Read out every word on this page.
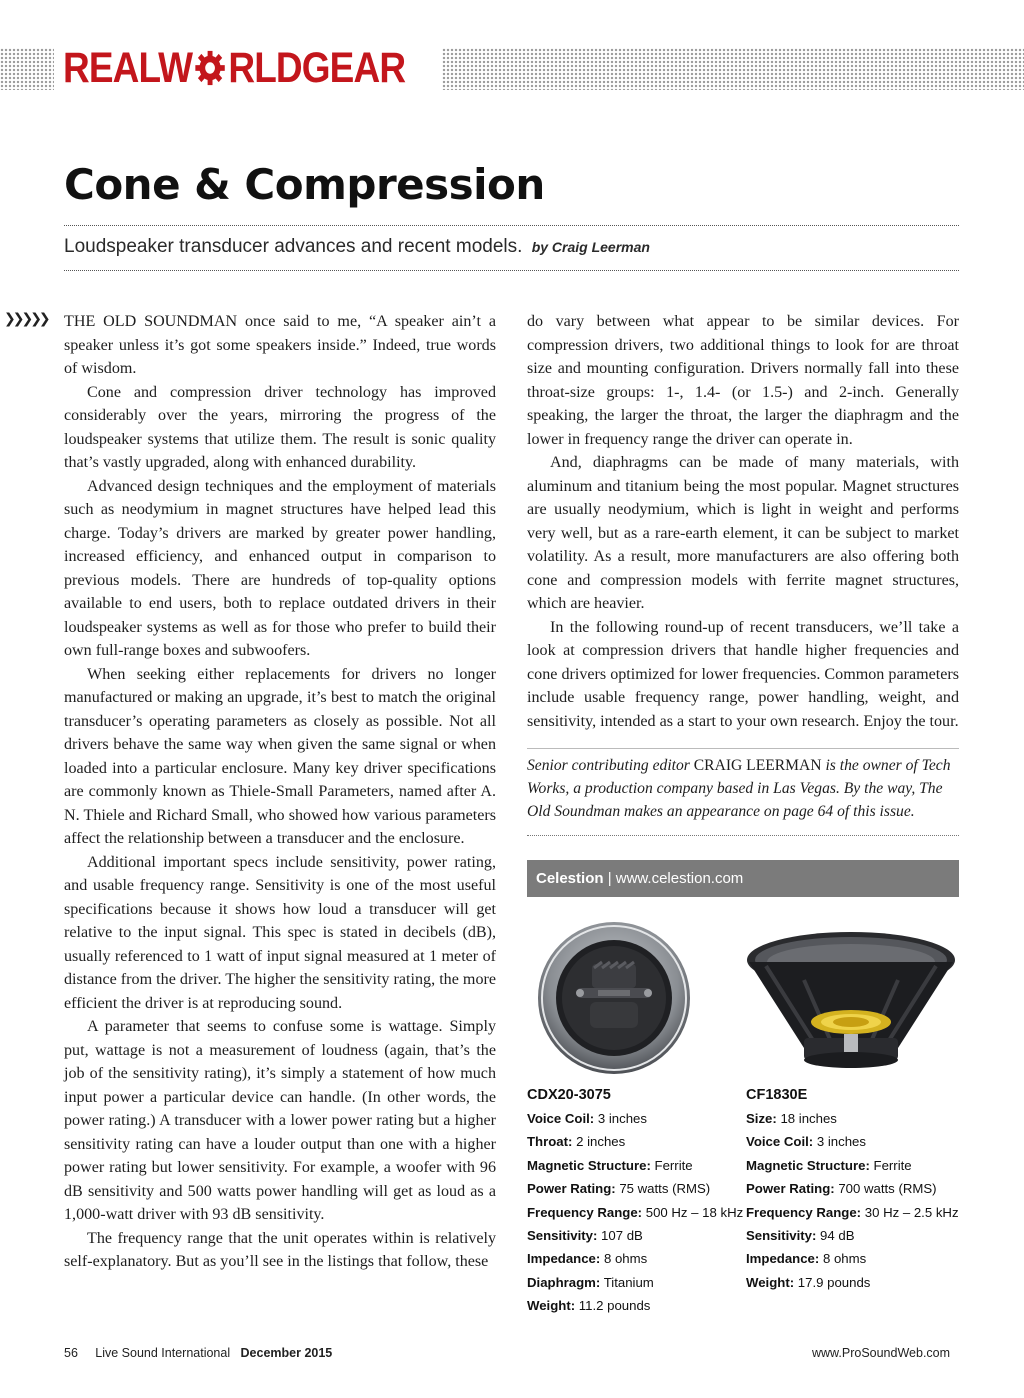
REALW RLDGEAR
Cone & Compression
Loudspeaker transducer advances and recent models. by Craig Leerman
❯❯❯❯❯ THE OLD SOUNDMAN once said to me, “A speaker ain’t a speaker unless it’s got some speakers inside.” Indeed, true words of wisdom.

Cone and compression driver technology has improved considerably over the years, mirroring the progress of the loudspeaker systems that utilize them. The result is sonic quality that’s vastly upgraded, along with enhanced durability.

Advanced design techniques and the employment of materials such as neodymium in magnet structures have helped lead this charge. Today’s drivers are marked by greater power handling, increased efficiency, and enhanced output in comparison to previous models. There are hundreds of top-quality options available to end users, both to replace outdated drivers in their loudspeaker systems as well as for those who prefer to build their own full-range boxes and subwoofers.

When seeking either replacements for drivers no longer manufactured or making an upgrade, it’s best to match the original transducer’s operating parameters as closely as possible. Not all drivers behave the same way when given the same signal or when loaded into a particular enclosure. Many key driver specifications are commonly known as Thiele-Small Parameters, named after A. N. Thiele and Richard Small, who showed how various parameters affect the relationship between a transducer and the enclosure.

Additional important specs include sensitivity, power rating, and usable frequency range. Sensitivity is one of the most useful specifications because it shows how loud a transducer will get relative to the input signal. This spec is stated in decibels (dB), usually referenced to 1 watt of input signal measured at 1 meter of distance from the driver. The higher the sensitivity rating, the more efficient the driver is at reproducing sound.

A parameter that seems to confuse some is wattage. Simply put, wattage is not a measurement of loudness (again, that’s the job of the sensitivity rating), it’s simply a statement of how much input power a particular device can handle. (In other words, the power rating.) A transducer with a lower power rating but a higher sensitivity rating can have a louder output than one with a higher power rating but lower sensitivity. For example, a woofer with 96 dB sensitivity and 500 watts power handling will get as loud as a 1,000-watt driver with 93 dB sensitivity.

The frequency range that the unit operates within is relatively self-explanatory. But as you’ll see in the listings that follow, these

do vary between what appear to be similar devices. For compression drivers, two additional things to look for are throat size and mounting configuration. Drivers normally fall into these throat-size groups: 1-, 1.4- (or 1.5-) and 2-inch. Generally speaking, the larger the throat, the larger the diaphragm and the lower in frequency range the driver can operate in.

And, diaphragms can be made of many materials, with aluminum and titanium being the most popular. Magnet structures are usually neodymium, which is light in weight and performs very well, but as a rare-earth element, it can be subject to market volatility. As a result, more manufacturers are also offering both cone and compression models with ferrite magnet structures, which are heavier.

In the following round-up of recent transducers, we’ll take a look at compression drivers that handle higher frequencies and cone drivers optimized for lower frequencies. Common parameters include usable frequency range, power handling, weight, and sensitivity, intended as a start to your own research. Enjoy the tour.

Senior contributing editor CRAIG LEERMAN is the owner of Tech Works, a production company based in Las Vegas. By the way, The Old Soundman makes an appearance on page 64 of this issue.
Celestion | www.celestion.com
CDX20-3075
Voice Coil: 3 inches
Throat: 2 inches
Magnetic Structure: Ferrite
Power Rating: 75 watts (RMS)
Frequency Range: 500 Hz – 18 kHz
Sensitivity: 107 dB
Impedance: 8 ohms
Diaphragm: Titanium
Weight: 11.2 pounds
CF1830E
Size: 18 inches
Voice Coil: 3 inches
Magnetic Structure: Ferrite
Power Rating: 700 watts (RMS)
Frequency Range: 30 Hz – 2.5 kHz
Sensitivity: 94 dB
Impedance: 8 ohms
Weight: 17.9 pounds
56 Live Sound International December 2015	www.ProSoundWeb.com
